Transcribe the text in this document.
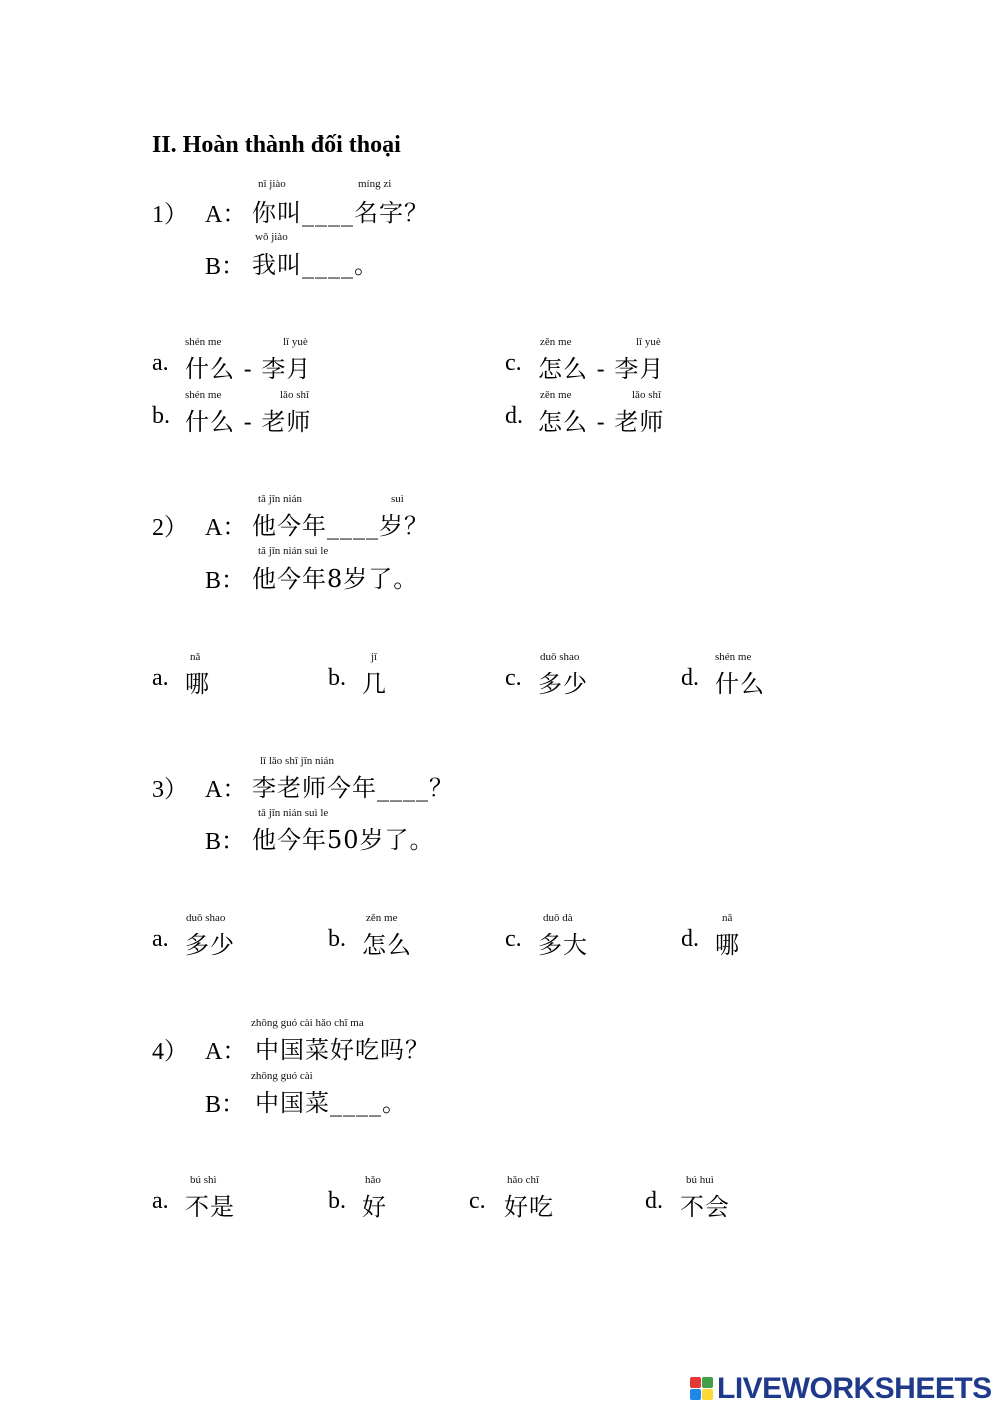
II. Hoàn thành đối thoại
1） A：
nǐ jiào	míng zi
你叫____名字？
B：
wǒ jiào
我叫____。
a.
shén me	lǐ yuè
什么 - 李月	c.
zěn me	lǐ yuè
怎么 - 李月
b.
shén me	lǎo shī
什么 - 老师	d.
zěn me	lǎo shī
怎么 - 老师
2） A：
tā jīn nián	suì
他今年____岁？
B：
tā jīn nián suì le
他今年8岁了。
a.
nǎ
哪	b.
jǐ
几	c.
duō shao
多少	d.
shén me
什么
3） A：
lǐ lǎo shī jīn nián
李老师今年____？
B：
tā jīn nián suì le
他今年50岁了。
a.
duō shao
多少	b.
zěn me
怎么	c.
duō dà
多大	d.
nǎ
哪
4） A：
zhōng guó cài hǎo chī ma
中国菜好吃吗？
B：
zhōng guó cài
中国菜____。
a.
bú shì
不是	b.
hǎo
好	c.
hǎo chī
好吃	d.
bú huì
不会
LIVEWORKSHEETS
